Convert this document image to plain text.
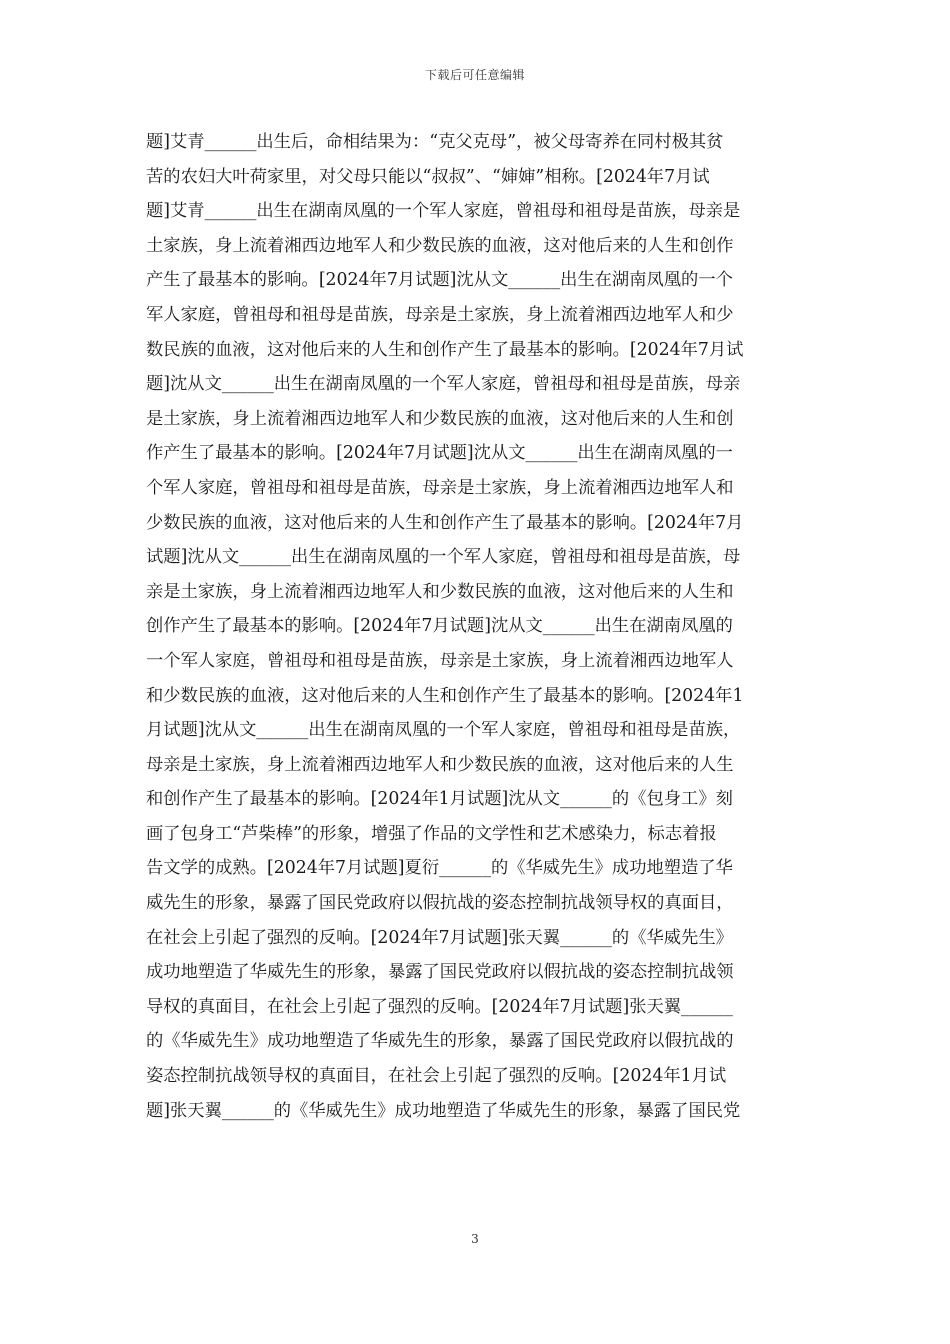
下载后可任意编辑
题]艾青______出生后，命相结果为：“克父克母”，被父母寄养在同村极其贫
苦的农妇大叶荷家里，对父母只能以“叔叔”、“婶婶”相称。[2024年7月试
题]艾青______出生在湖南凤凰的一个军人家庭，曾祖母和祖母是苗族，母亲是
土家族，身上流着湘西边地军人和少数民族的血液，这对他后来的人生和创作
产生了最基本的影响。[2024年7月试题]沈从文______出生在湖南凤凰的一个
军人家庭，曾祖母和祖母是苗族，母亲是土家族，身上流着湘西边地军人和少
数民族的血液，这对他后来的人生和创作产生了最基本的影响。[2024年7月试
题]沈从文______出生在湖南凤凰的一个军人家庭，曾祖母和祖母是苗族，母亲
是土家族，身上流着湘西边地军人和少数民族的血液，这对他后来的人生和创
作产生了最基本的影响。[2024年7月试题]沈从文______出生在湖南凤凰的一
个军人家庭，曾祖母和祖母是苗族，母亲是土家族，身上流着湘西边地军人和
少数民族的血液，这对他后来的人生和创作产生了最基本的影响。[2024年7月
试题]沈从文______出生在湖南凤凰的一个军人家庭，曾祖母和祖母是苗族，母
亲是土家族，身上流着湘西边地军人和少数民族的血液，这对他后来的人生和
创作产生了最基本的影响。[2024年7月试题]沈从文______出生在湖南凤凰的
一个军人家庭，曾祖母和祖母是苗族，母亲是土家族，身上流着湘西边地军人
和少数民族的血液，这对他后来的人生和创作产生了最基本的影响。[2024年1
月试题]沈从文______出生在湖南凤凰的一个军人家庭，曾祖母和祖母是苗族，
母亲是土家族，身上流着湘西边地军人和少数民族的血液，这对他后来的人生
和创作产生了最基本的影响。[2024年1月试题]沈从文______的《包身工》刻
画了包身工“芦柴棒”的形象，增强了作品的文学性和艺术感染力，标志着报
告文学的成熟。[2024年7月试题]夏衍______的《华威先生》成功地塑造了华
威先生的形象，暴露了国民党政府以假抗战的姿态控制抗战领导权的真面目，
在社会上引起了强烈的反响。[2024年7月试题]张天翼______的《华威先生》
成功地塑造了华威先生的形象，暴露了国民党政府以假抗战的姿态控制抗战领
导权的真面目，在社会上引起了强烈的反响。[2024年7月试题]张天翼______
的《华威先生》成功地塑造了华威先生的形象，暴露了国民党政府以假抗战的
姿态控制抗战领导权的真面目，在社会上引起了强烈的反响。[2024年1月试
题]张天翼______的《华威先生》成功地塑造了华威先生的形象，暴露了国民党
3
